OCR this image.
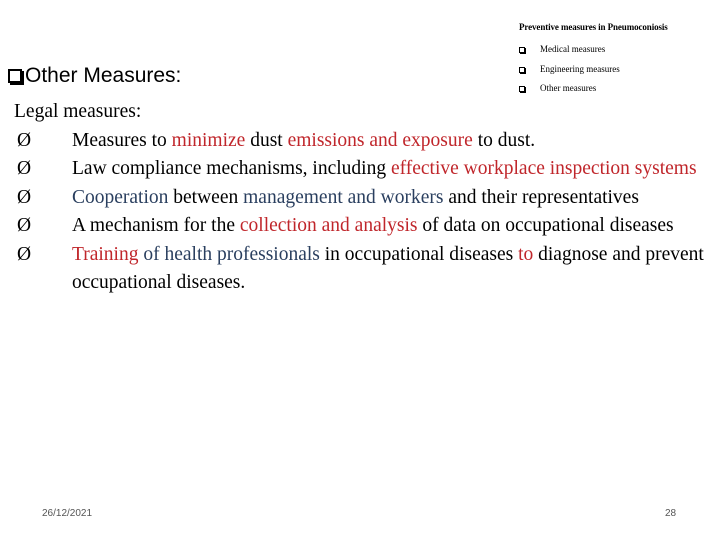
Preventive measures in Pneumoconiosis
Medical measures
Engineering measures
Other measures
Other Measures:
Legal measures:
Ø	Measures to minimize dust emissions and exposure to dust.
Ø	Law compliance mechanisms, including effective workplace inspection systems
Ø	Cooperation between management and workers and their representatives
Ø	A mechanism for the collection and analysis of data on occupational diseases
Ø	Training of health professionals in occupational diseases to diagnose and prevent occupational diseases.
26/12/2021	28
